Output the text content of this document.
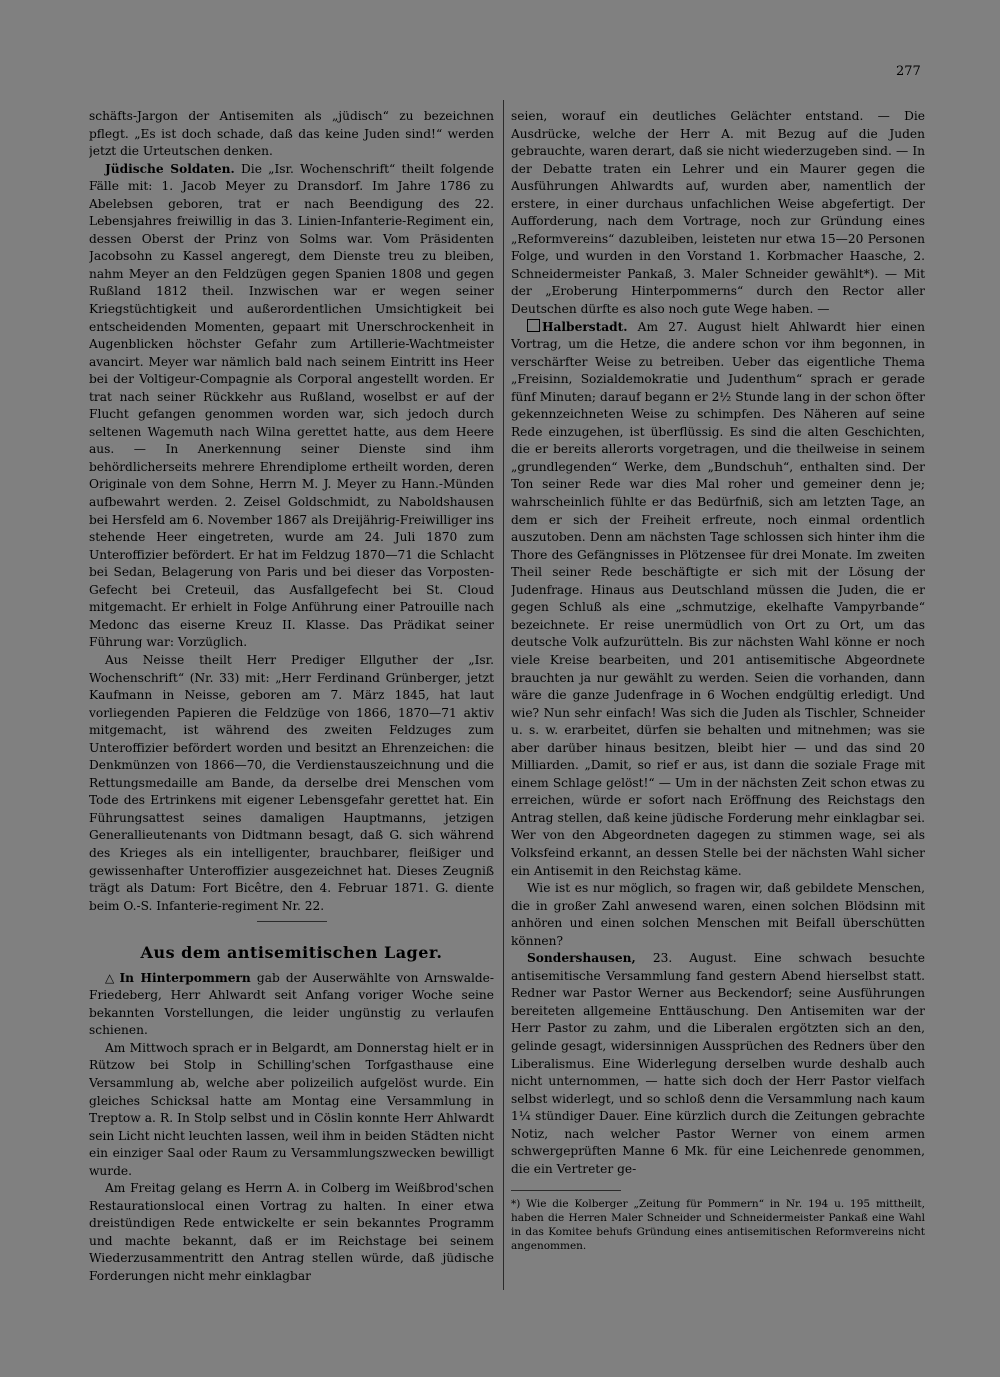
277

schäfts-Jargon der Antisemiten als „jüdisch“ zu bezeichnen pflegt. „Es ist doch schade, daß das keine Juden sind!“ werden jetzt die Urteutschen denken.

Jüdische Soldaten. Die „Isr. Wochenschrift“ theilt folgende Fälle mit: 1. Jacob Meyer zu Dransdorf. Im Jahre 1786 zu Abelebsen geboren, trat er nach Beendigung des 22. Lebensjahres freiwillig in das 3. Linien-Infanterie-Regiment ein, dessen Oberst der Prinz von Solms war. Vom Präsidenten Jacobsohn zu Kassel angeregt, dem Dienste treu zu bleiben, nahm Meyer an den Feldzügen gegen Spanien 1808 und gegen Rußland 1812 theil. Inzwischen war er wegen seiner Kriegstüchtigkeit und außerordentlichen Umsichtigkeit bei entscheidenden Momenten, gepaart mit Unerschrockenheit in Augenblicken höchster Gefahr zum Artillerie-Wachtmeister avancirt. Meyer war nämlich bald nach seinem Eintritt ins Heer bei der Voltigeur-Compagnie als Corporal angestellt worden. Er trat nach seiner Rückkehr aus Rußland, woselbst er auf der Flucht gefangen genommen worden war, sich jedoch durch seltenen Wagemuth nach Wilna gerettet hatte, aus dem Heere aus. — In Anerkennung seiner Dienste sind ihm behördlicherseits mehrere Ehrendiplome ertheilt worden, deren Originale von dem Sohne, Herrn M. J. Meyer zu Hann.-Münden aufbewahrt werden. 2. Zeisel Goldschmidt, zu Naboldshausen bei Hersfeld am 6. November 1867 als Dreijährig-Freiwilliger ins stehende Heer eingetreten, wurde am 24. Juli 1870 zum Unteroffizier befördert. Er hat im Feldzug 1870—71 die Schlacht bei Sedan, Belagerung von Paris und bei dieser das Vorposten-Gefecht bei Creteuil, das Ausfallgefecht bei St. Cloud mitgemacht. Er erhielt in Folge Anführung einer Patrouille nach Medonc das eiserne Kreuz II. Klasse. Das Prädikat seiner Führung war: Vorzüglich.

Aus Neisse theilt Herr Prediger Ellguther der „Isr. Wochenschrift“ (Nr. 33) mit: „Herr Ferdinand Grünberger, jetzt Kaufmann in Neisse, geboren am 7. März 1845, hat laut vorliegenden Papieren die Feldzüge von 1866, 1870—71 aktiv mitgemacht, ist während des zweiten Feldzuges zum Unteroffizier befördert worden und besitzt an Ehrenzeichen: die Denkmünzen von 1866—70, die Verdienstauszeichnung und die Rettungsmedaille am Bande, da derselbe drei Menschen vom Tode des Ertrinkens mit eigener Lebensgefahr gerettet hat. Ein Führungsattest seines damaligen Hauptmanns, jetzigen Generallieutenants von Didtmann besagt, daß G. sich während des Krieges als ein intelligenter, brauchbarer, fleißiger und gewissenhafter Unteroffizier ausgezeichnet hat. Dieses Zeugniß trägt als Datum: Fort Bicêtre, den 4. Februar 1871. G. diente beim O.-S. Infanterie-regiment Nr. 22.

Aus dem antisemitischen Lager.

△ In Hinterpommern gab der Auserwählte von Arnswalde-Friedeberg, Herr Ahlwardt seit Anfang voriger Woche seine bekannten Vorstellungen, die leider ungünstig zu verlaufen schienen.

Am Mittwoch sprach er in Belgardt, am Donnerstag hielt er in Rützow bei Stolp in Schilling'schen Torfgasthause eine Versammlung ab, welche aber polizeilich aufgelöst wurde. Ein gleiches Schicksal hatte am Montag eine Versammlung in Treptow a. R. In Stolp selbst und in Cöslin konnte Herr Ahlwardt sein Licht nicht leuchten lassen, weil ihm in beiden Städten nicht ein einziger Saal oder Raum zu Versammlungszwecken bewilligt wurde.

Am Freitag gelang es Herrn A. in Colberg im Weißbrod'schen Restaurationslocal einen Vortrag zu halten. In einer etwa dreistündigen Rede entwickelte er sein bekanntes Programm und machte bekannt, daß er im Reichstage bei seinem Wiederzusammentritt den Antrag stellen würde, daß jüdische Forderungen nicht mehr einklagbar

seien, worauf ein deutliches Gelächter entstand. — Die Ausdrücke, welche der Herr A. mit Bezug auf die Juden gebrauchte, waren derart, daß sie nicht wiederzugeben sind. — In der Debatte traten ein Lehrer und ein Maurer gegen die Ausführungen Ahlwardts auf, wurden aber, namentlich der erstere, in einer durchaus unfachlichen Weise abgefertigt. Der Aufforderung, nach dem Vortrage, noch zur Gründung eines „Reformvereins“ dazubleiben, leisteten nur etwa 15—20 Personen Folge, und wurden in den Vorstand 1. Korbmacher Haasche, 2. Schneidermeister Pankaß, 3. Maler Schneider gewählt*). — Mit der „Eroberung Hinterpommerns“ durch den Rector aller Deutschen dürfte es also noch gute Wege haben. —

Halberstadt. Am 27. August hielt Ahlwardt hier einen Vortrag, um die Hetze, die andere schon vor ihm begonnen, in verschärfter Weise zu betreiben. Ueber das eigentliche Thema „Freisinn, Sozialdemokratie und Judenthum“ sprach er gerade fünf Minuten; darauf begann er 2½ Stunde lang in der schon öfter gekennzeichneten Weise zu schimpfen. Des Näheren auf seine Rede einzugehen, ist überflüssig. Es sind die alten Geschichten, die er bereits allerorts vorgetragen, und die theilweise in seinem „grundlegenden“ Werke, dem „Bundschuh“, enthalten sind. Der Ton seiner Rede war dies Mal roher und gemeiner denn je; wahrscheinlich fühlte er das Bedürfniß, sich am letzten Tage, an dem er sich der Freiheit erfreute, noch einmal ordentlich auszutoben. Denn am nächsten Tage schlossen sich hinter ihm die Thore des Gefängnisses in Plötzensee für drei Monate. Im zweiten Theil seiner Rede beschäftigte er sich mit der Lösung der Judenfrage. Hinaus aus Deutschland müssen die Juden, die er gegen Schluß als eine „schmutzige, ekelhafte Vampyrbande“ bezeichnete. Er reise unermüdlich von Ort zu Ort, um das deutsche Volk aufzurütteln. Bis zur nächsten Wahl könne er noch viele Kreise bearbeiten, und 201 antisemitische Abgeordnete brauchten ja nur gewählt zu werden. Seien die vorhanden, dann wäre die ganze Judenfrage in 6 Wochen endgültig erledigt. Und wie? Nun sehr einfach! Was sich die Juden als Tischler, Schneider u. s. w. erarbeitet, dürfen sie behalten und mitnehmen; was sie aber darüber hinaus besitzen, bleibt hier — und das sind 20 Milliarden. „Damit, so rief er aus, ist dann die soziale Frage mit einem Schlage gelöst!“ — Um in der nächsten Zeit schon etwas zu erreichen, würde er sofort nach Eröffnung des Reichstags den Antrag stellen, daß keine jüdische Forderung mehr einklagbar sei. Wer von den Abgeordneten dagegen zu stimmen wage, sei als Volksfeind erkannt, an dessen Stelle bei der nächsten Wahl sicher ein Antisemit in den Reichstag käme.

Wie ist es nur möglich, so fragen wir, daß gebildete Menschen, die in großer Zahl anwesend waren, einen solchen Blödsinn mit anhören und einen solchen Menschen mit Beifall überschütten können?

Sondershausen, 23. August. Eine schwach besuchte antisemitische Versammlung fand gestern Abend hierselbst statt. Redner war Pastor Werner aus Beckendorf; seine Ausführungen bereiteten allgemeine Enttäuschung. Den Antisemiten war der Herr Pastor zu zahm, und die Liberalen ergötzten sich an den, gelinde gesagt, widersinnigen Aussprüchen des Redners über den Liberalismus. Eine Widerlegung derselben wurde deshalb auch nicht unternommen, — hatte sich doch der Herr Pastor vielfach selbst widerlegt, und so schloß denn die Versammlung nach kaum 1¼ stündiger Dauer. Eine kürzlich durch die Zeitungen gebrachte Notiz, nach welcher Pastor Werner von einem armen schwergeprüften Manne 6 Mk. für eine Leichenrede genommen, die ein Vertreter ge-

*) Wie die Kolberger „Zeitung für Pommern“ in Nr. 194 u. 195 mittheilt, haben die Herren Maler Schneider und Schneidermeister Pankaß eine Wahl in das Komitee behufs Gründung eines antisemitischen Reformvereins nicht angenommen.
